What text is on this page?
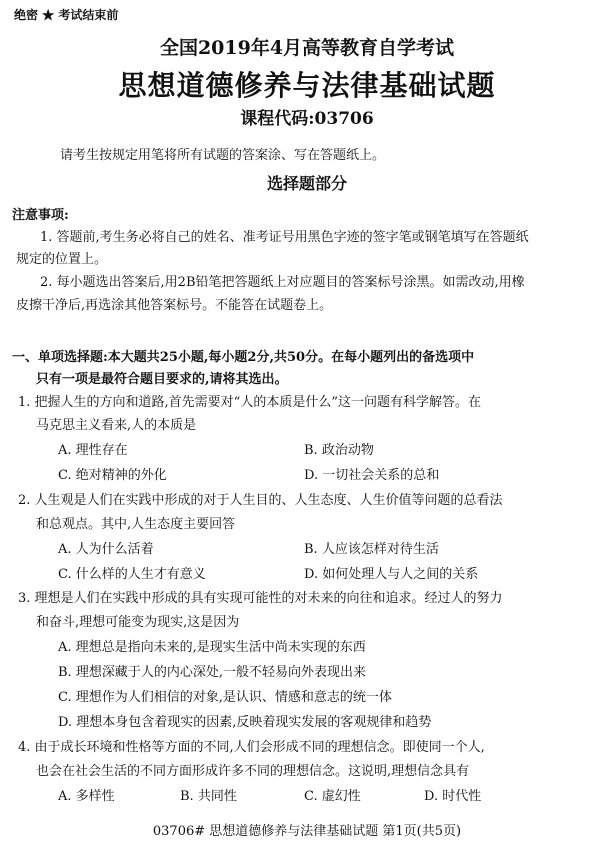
绝密 ★ 考试结束前
全国2019年4月高等教育自学考试
思想道德修养与法律基础试题
课程代码:03706
请考生按规定用笔将所有试题的答案涂、写在答题纸上。
选择题部分
注意事项:
1. 答题前,考生务必将自己的姓名、准考证号用黑色字迹的签字笔或钢笔填写在答题纸
规定的位置上。
2. 每小题选出答案后,用2B铅笔把答题纸上对应题目的答案标号涂黑。如需改动,用橡
皮擦干净后,再选涂其他答案标号。不能答在试题卷上。
一、单项选择题:本大题共25小题,每小题2分,共50分。在每小题列出的备选项中
只有一项是最符合题目要求的,请将其选出。
1. 把握人生的方向和道路,首先需要对“人的本质是什么”这一问题有科学解答。在
马克思主义看来,人的本质是
A. 理性存在	B. 政治动物
C. 绝对精神的外化	D. 一切社会关系的总和
2. 人生观是人们在实践中形成的对于人生目的、人生态度、人生价值等问题的总看法
和总观点。其中,人生态度主要回答
A. 人为什么活着	B. 人应该怎样对待生活
C. 什么样的人生才有意义	D. 如何处理人与人之间的关系
3. 理想是人们在实践中形成的具有实现可能性的对未来的向往和追求。经过人的努力
和奋斗,理想可能变为现实,这是因为
A. 理想总是指向未来的,是现实生活中尚未实现的东西
B. 理想深藏于人的内心深处,一般不轻易向外表现出来
C. 理想作为人们相信的对象,是认识、情感和意志的统一体
D. 理想本身包含着现实的因素,反映着现实发展的客观规律和趋势
4. 由于成长环境和性格等方面的不同,人们会形成不同的理想信念。即使同一个人,
也会在社会生活的不同方面形成许多不同的理想信念。这说明,理想信念具有
A. 多样性	B. 共同性	C. 虚幻性	D. 时代性
03706# 思想道德修养与法律基础试题 第1页(共5页)
